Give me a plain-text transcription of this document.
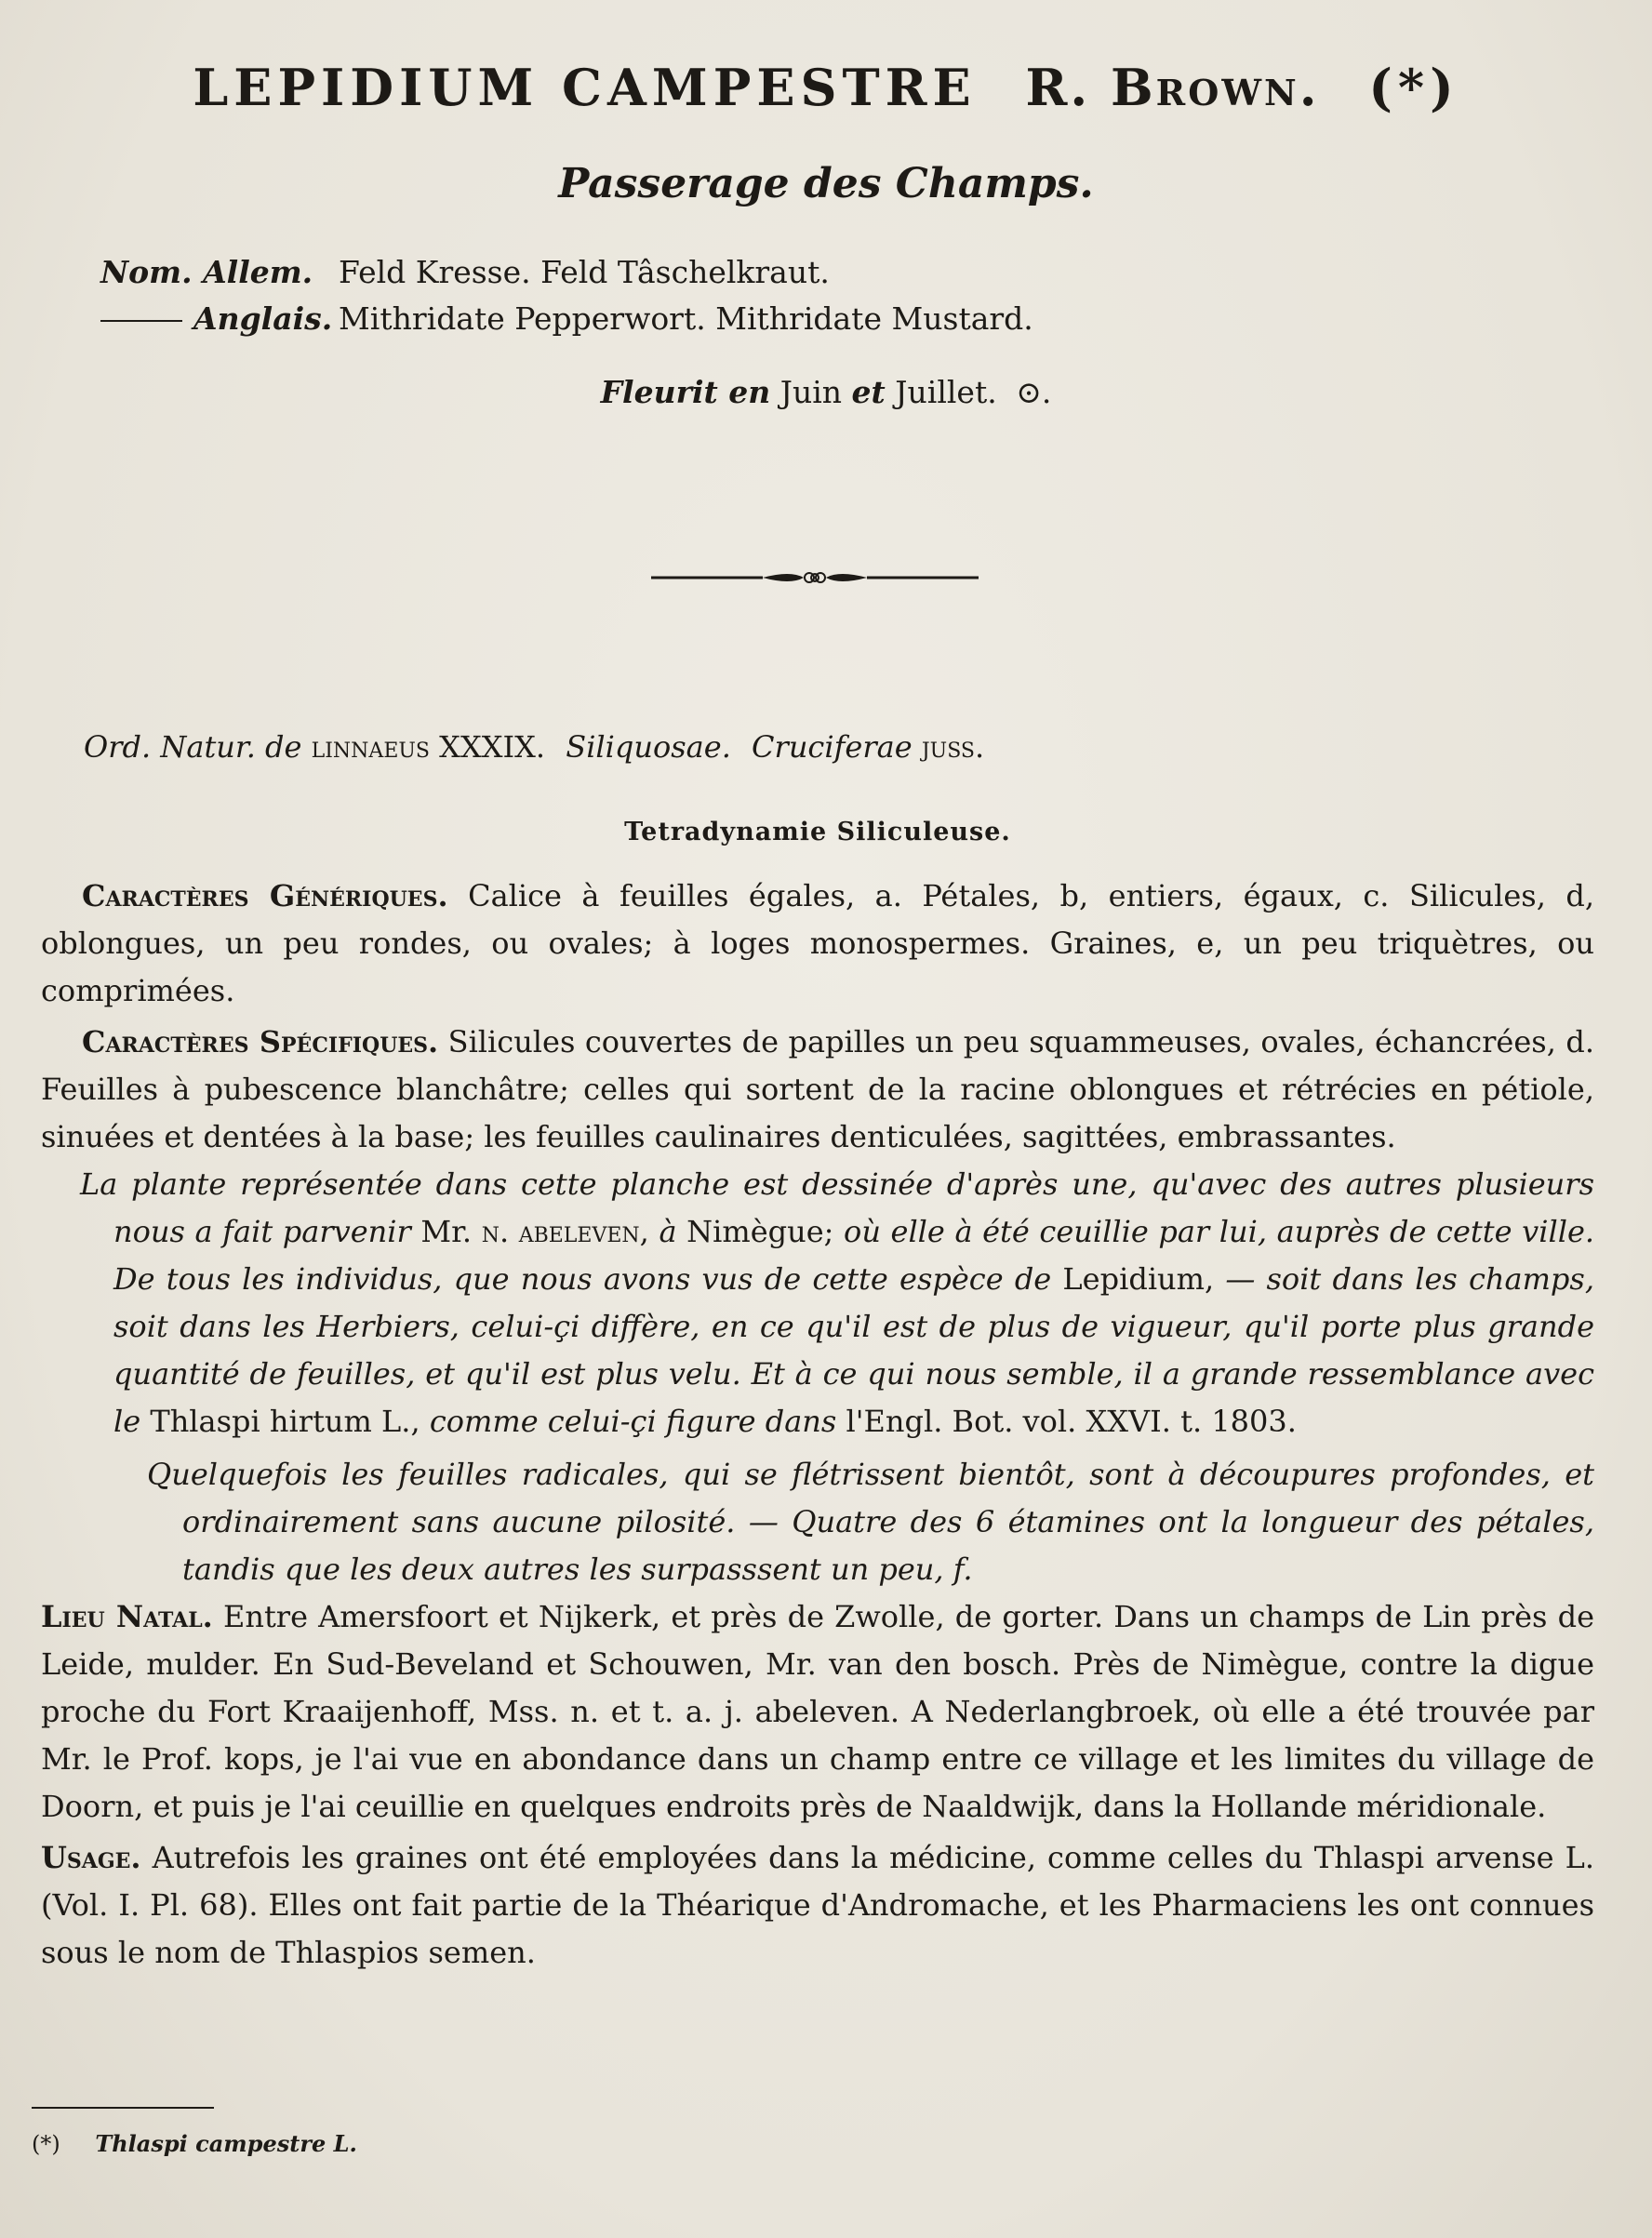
LEPIDIUM CAMPESTRE R. Brown. (*)
Passerage des Champs.
Nom. Allem. Feld Kresse. Feld Tâschelkraut.
Anglais. Mithridate Pepperwort. Mithridate Mustard.
Fleurit en Juin et Juillet. ⊙.

Ord. Natur. de linnaeus XXXIX. Siliquosae. Cruciferae juss.

Tetradynamie Siliculeuse.

Caractères Génériques. Calice à feuilles égales, a. Pétales, b, entiers, égaux, c. Silicules, d, oblongues, un peu rondes, ou ovales; à loges monospermes. Graines, e, un peu triquètres, ou comprimées.

Caractères Spécifiques. Silicules couvertes de papilles un peu squammeuses, ovales, échancrées, d. Feuilles à pubescence blanchâtre; celles qui sortent de la racine oblongues et rétrécies en pétiole, sinuées et dentées à la base; les feuilles caulinaires denticulées, sagittées, embrassantes.

La plante représentée dans cette planche est dessinée d'après une, qu'avec des autres plusieurs nous a fait parvenir Mr. n. abeleven, à Nimègue; où elle à été ceuillie par lui, auprès de cette ville. De tous les individus, que nous avons vus de cette espèce de Lepidium, — soit dans les champs, soit dans les Herbiers, celui-çi diffère, en ce qu'il est de plus de vigueur, qu'il porte plus grande quantité de feuilles, et qu'il est plus velu. Et à ce qui nous semble, il a grande ressemblance avec le Thlaspi hirtum L., comme celui-çi figure dans l'Engl. Bot. vol. XXVI. t. 1803.

Quelquefois les feuilles radicales, qui se flétrissent bientôt, sont à découpures profondes, et ordinairement sans aucune pilosité. — Quatre des 6 étamines ont la longueur des pétales, tandis que les deux autres les surpasssent un peu, f.

Lieu Natal. Entre Amersfoort et Nijkerk, et près de Zwolle, de gorter. Dans un champs de Lin près de Leide, mulder. En Sud-Beveland et Schouwen, Mr. van den bosch. Près de Nimègue, contre la digue proche du Fort Kraaijenhoff, Mss. n. et t. a. j. abeleven. A Nederlangbroek, où elle a été trouvée par Mr. le Prof. kops, je l'ai vue en abondance dans un champ entre ce village et les limites du village de Doorn, et puis je l'ai ceuillie en quelques endroits près de Naaldwijk, dans la Hollande méridionale.

Usage. Autrefois les graines ont été employées dans la médicine, comme celles du Thlaspi arvense L. (Vol. I. Pl. 68). Elles ont fait partie de la Théarique d'Andromache, et les Pharmaciens les ont connues sous le nom de Thlaspios semen.

(*) Thlaspi campestre L.
